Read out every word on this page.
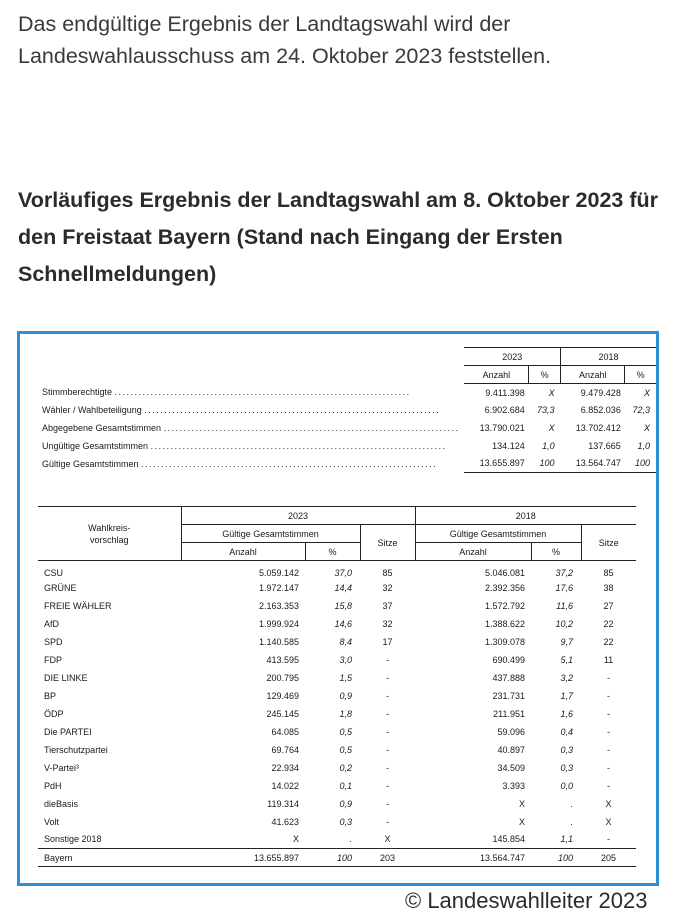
Das endgültige Ergebnis der Landtagswahl wird der Landeswahlausschuss am 24. Oktober 2023 feststellen.

Vorläufiges Ergebnis der Landtagswahl am 8. Oktober 2023 für den Freistaat Bayern (Stand nach Eingang der Ersten Schnellmeldungen)
		2023		2018	
		Anzahl	%	Anzahl	%

Stimmberechtigte ..........................................................................		9.411.398	X	9.479.428	X

Wähler / Wahlbeteiligung ..........................................................................		6.902.684	73,3	6.852.036	72,3

Abgegebene Gesamtstimmen ..........................................................................		13.790.021	X	13.702.412	X

Ungültige Gesamtstimmen ..........................................................................		134.124	1,0	137.665	1,0

Gültige Gesamtstimmen ..........................................................................		13.655.897	100	13.564.747	100
Wahlkreis-
vorschlag	2023			2018		
	Gültige Gesamtstimmen		Sitze	Gültige Gesamtstimmen		Sitze
	Anzahl	%		Anzahl	%	
CSU	5.059.142	37,0	85	5.046.081	37,2	85
GRÜNE	1.972.147	14,4	32	2.392.356	17,6	38
FREIE WÄHLER	2.163.353	15,8	37	1.572.792	11,6	27
AfD	1.999.924	14,6	32	1.388.622	10,2	22
SPD	1.140.585	8,4	17	1.309.078	9,7	22
FDP	413.595	3,0	-	690.499	5,1	11
DIE LINKE	200.795	1,5	-	437.888	3,2	-
BP	129.469	0,9	-	231.731	1,7	-
ÖDP	245.145	1,8	-	211.951	1,6	-
Die PARTEI	64.085	0,5	-	59.096	0,4	-
Tierschutzpartei	69.764	0,5	-	40.897	0,3	-
V-Partei³	22.934	0,2	-	34.509	0,3	-
PdH	14.022	0,1	-	3.393	0,0	-
dieBasis	119.314	0,9	-	X	.	X
Volt	41.623	0,3	-	X	.	X
Sonstige 2018	X	.	X	145.854	1,1	-
Bayern	13.655.897	100	203	13.564.747	100	205
© Landeswahlleiter 2023
